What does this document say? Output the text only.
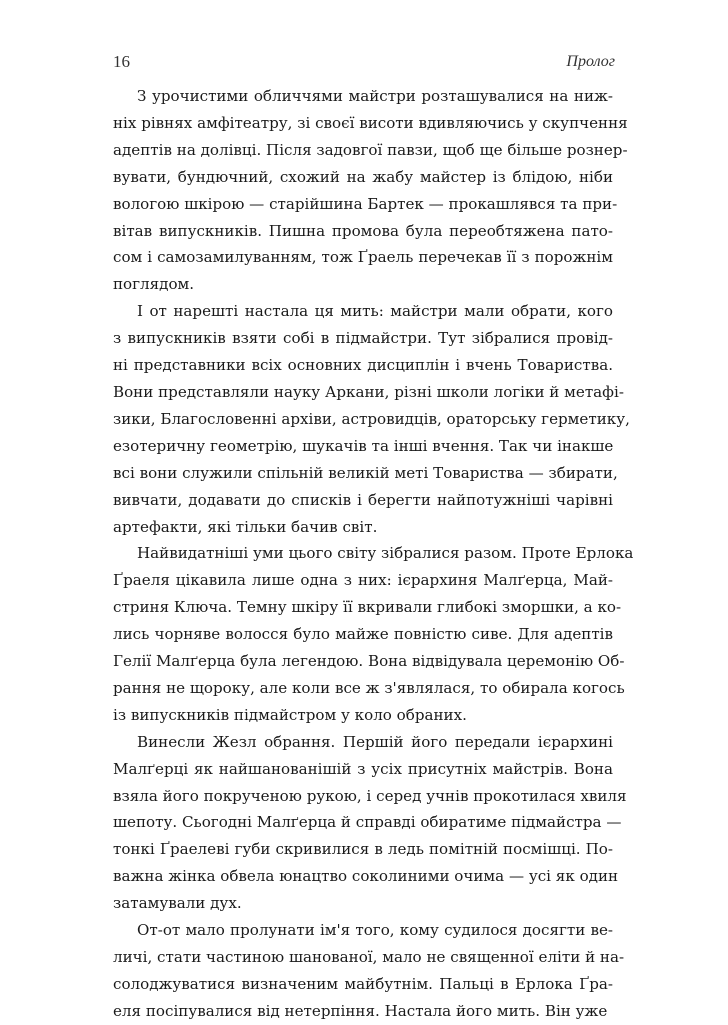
16	Пролог
З урочистими обличчями майстри розташувалися на ниж-
ніх рівнях амфітеатру, зі своєї висоти вдивляючись у скупчення
адептів на долівці. Після задовгої павзи, щоб ще більше рознер-
вувати, бундючний, схожий на жабу майстер із блідою, ніби
вологою шкірою — старійшина Бартек — прокашлявся та при-
вітав випускників. Пишна промова була переобтяжена пато-
сом і самозамилуванням, тож Ґраель перечекав її з порожнім
поглядом.
І от нарешті настала ця мить: майстри мали обрати, кого
з випускників взяти собі в підмайстри. Тут зібралися провід-
ні представники всіх основних дисциплін і вчень Товариства.
Вони представляли науку Аркани, різні школи логіки й метафі-
зики, Благословенні архіви, астровидців, ораторську герметику,
езотеричну геометрію, шукачів та інші вчення. Так чи інакше
всі вони служили спільній великій меті Товариства — збирати,
вивчати, додавати до списків і берегти найпотужніші чарівні
артефакти, які тільки бачив світ.
Найвидатніші уми цього світу зібралися разом. Проте Ерлока
Ґраеля цікавила лише одна з них: ієрархиня Малґерца, Май-
стриня Ключа. Темну шкіру її вкривали глибокі зморшки, а ко-
лись чорняве волосся було майже повністю сиве. Для адептів
Гелії Малґерца була легендою. Вона відвідувала церемонію Об-
рання не щороку, але коли все ж з'являлася, то обирала когось
із випускників підмайстром у коло обраних.
Винесли Жезл обрання. Першій його передали ієрархині
Малґерці як найшанованішій з усіх присутніх майстрів. Вона
взяла його покрученою рукою, і серед учнів прокотилася хвиля
шепоту. Сьогодні Малґерца й справді обиратиме підмайстра —
тонкі Ґраелеві губи скривилися в ледь помітній посмішці. По-
важна жінка обвела юнацтво соколиними очима — усі як один
затамували дух.
От-от мало пролунати ім'я того, кому судилося досягти ве-
личі, стати частиною шанованої, мало не священної еліти й на-
солоджуватися визначеним майбутнім. Пальці в Ерлока Ґра-
еля посіпувалися від нетерпіння. Настала його мить. Він уже
